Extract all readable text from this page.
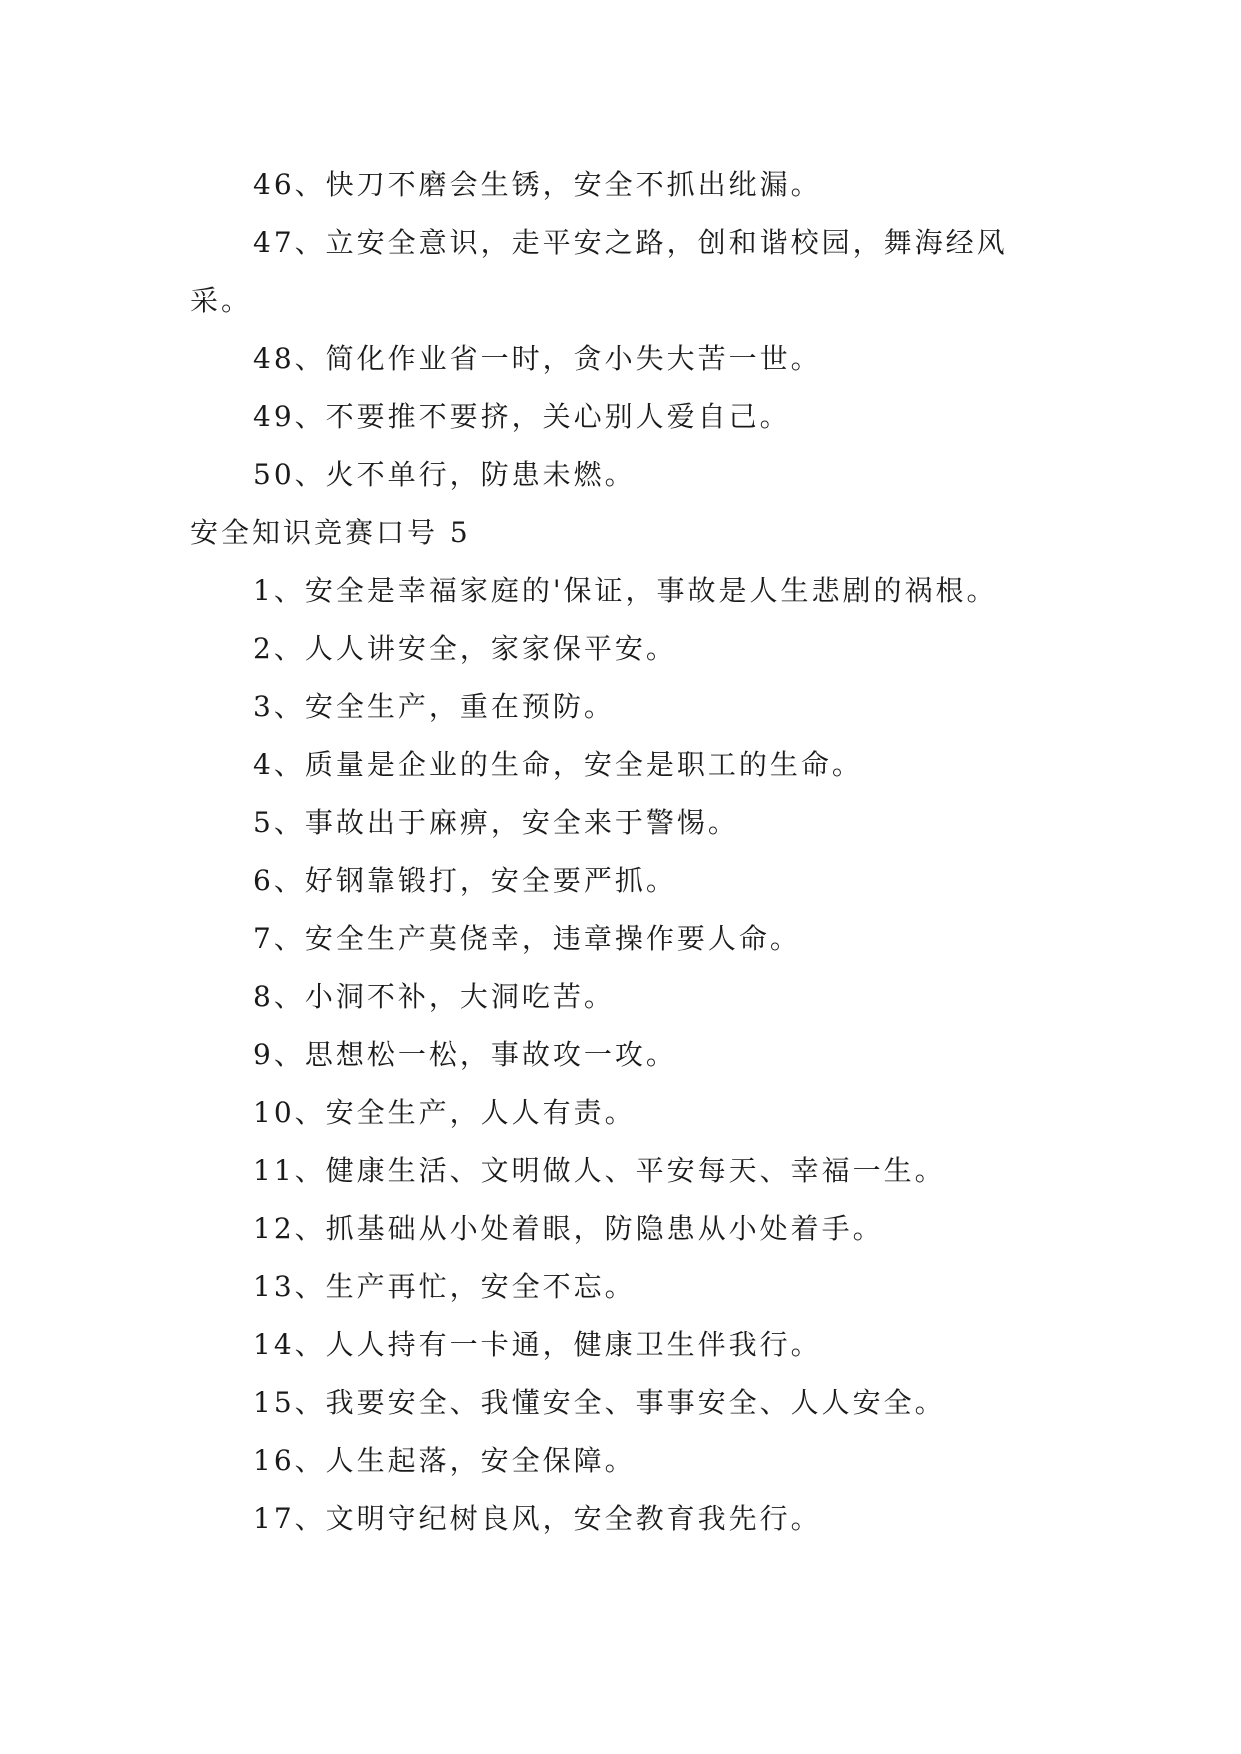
46、快刀不磨会生锈，安全不抓出纰漏。

47、立安全意识，走平安之路，创和谐校园，舞海经风采。

48、简化作业省一时，贪小失大苦一世。

49、不要推不要挤，关心别人爱自己。

50、火不单行，防患未燃。

安全知识竞赛口号 5

1、安全是幸福家庭的'保证，事故是人生悲剧的祸根。

2、人人讲安全，家家保平安。

3、安全生产，重在预防。

4、质量是企业的生命，安全是职工的生命。

5、事故出于麻痹，安全来于警惕。

6、好钢靠锻打，安全要严抓。

7、安全生产莫侥幸，违章操作要人命。

8、小洞不补，大洞吃苦。

9、思想松一松，事故攻一攻。

10、安全生产，人人有责。

11、健康生活、文明做人、平安每天、幸福一生。

12、抓基础从小处着眼，防隐患从小处着手。

13、生产再忙，安全不忘。

14、人人持有一卡通，健康卫生伴我行。

15、我要安全、我懂安全、事事安全、人人安全。

16、人生起落，安全保障。

17、文明守纪树良风，安全教育我先行。
